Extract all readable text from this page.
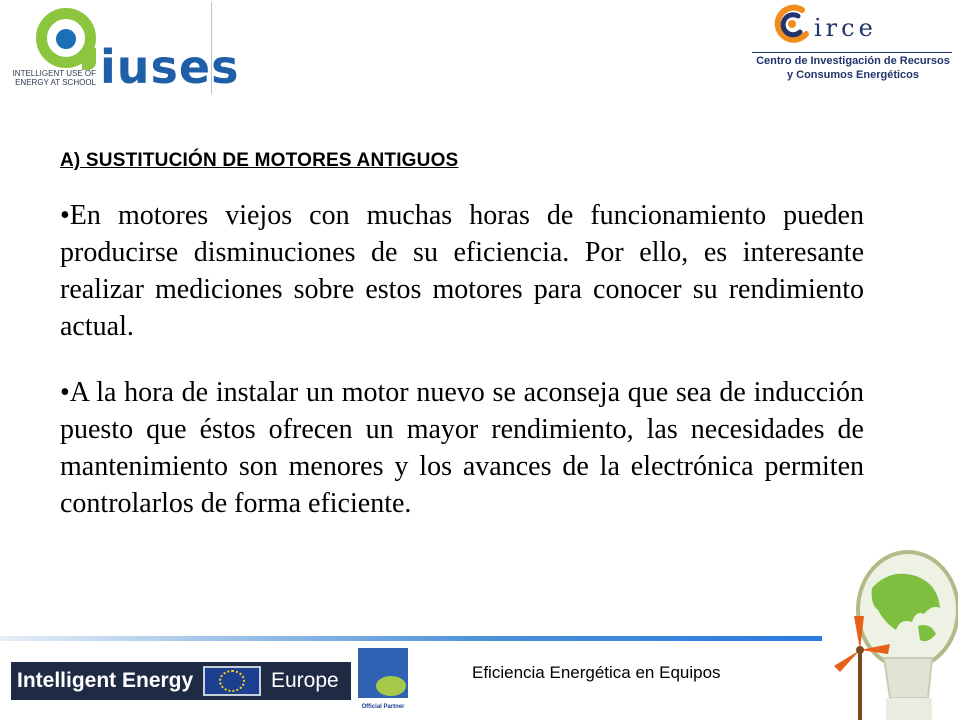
INTELLIGENT USE OF ENERGY AT SCHOOL iuses
irce
Centro de Investigación de Recursos
y Consumos Energéticos
A) SUSTITUCIÓN DE MOTORES ANTIGUOS
•En motores viejos con muchas horas de funcionamiento pueden producirse disminuciones de su eficiencia. Por ello, es interesante realizar mediciones sobre estos motores para conocer su rendimiento actual.
•A la hora de instalar un motor nuevo se aconseja que sea de inducción puesto que éstos ofrecen un mayor rendimiento, las necesidades de mantenimiento son menores y los avances de la electrónica permiten controlarlos de forma eficiente.
Intelligent Energy	Europe
Official Partner
Eficiencia Energética en Equipos
